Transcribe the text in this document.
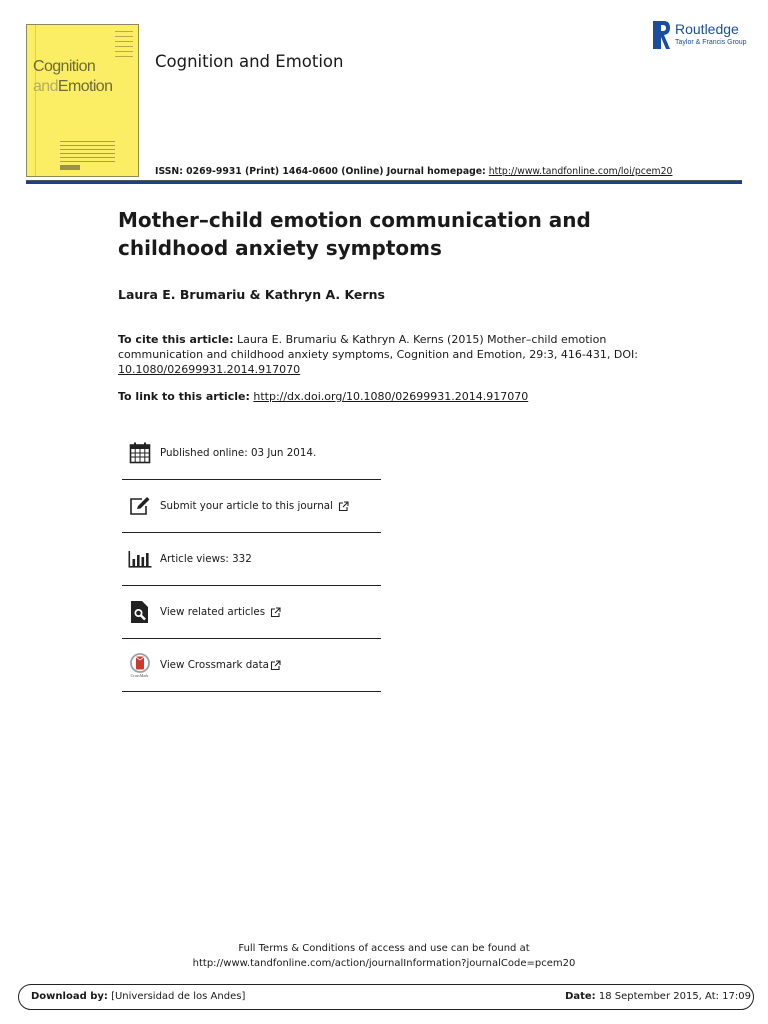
Cognition
andEmotion
Cognition and Emotion
Routledge
Taylor & Francis Group
ISSN: 0269-9931 (Print) 1464-0600 (Online) Journal homepage: http://www.tandfonline.com/loi/pcem20
Mother–child emotion communication and childhood anxiety symptoms
Laura E. Brumariu & Kathryn A. Kerns
To cite this article: Laura E. Brumariu & Kathryn A. Kerns (2015) Mother–child emotion communication and childhood anxiety symptoms, Cognition and Emotion, 29:3, 416-431, DOI:
10.1080/02699931.2014.917070
To link to this article: http://dx.doi.org/10.1080/02699931.2014.917070
Published online: 03 Jun 2014.
Submit your article to this journal
Article views: 332
View related articles
CrossMark
View Crossmark data
Full Terms & Conditions of access and use can be found at
http://www.tandfonline.com/action/journalInformation?journalCode=pcem20
Download by: [Universidad de los Andes]	Date: 18 September 2015, At: 17:09
